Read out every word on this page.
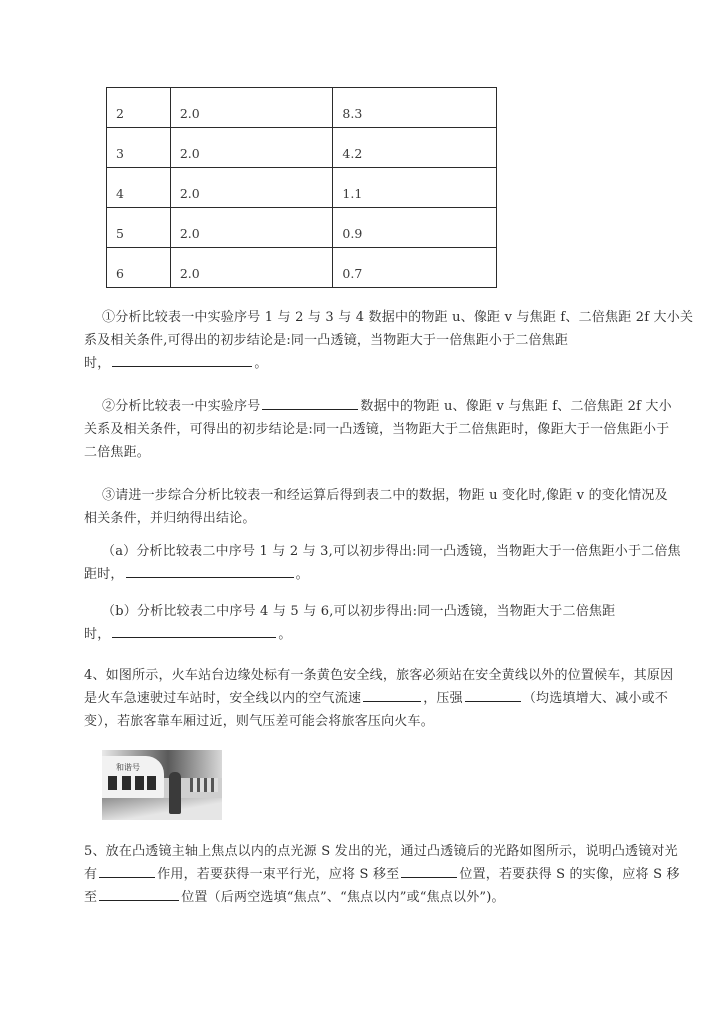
2	2.0	8.3
3	2.0	4.2
4	2.0	1.1
5	2.0	0.9
6	2.0	0.7
①分析比较表一中实验序号 1 与 2 与 3 与 4 数据中的物距 u、像距 v 与焦距 f、二倍焦距 2f 大小关
系及相关条件,可得出的初步结论是:同一凸透镜，当物距大于一倍焦距小于二倍焦距
时，	。
②分析比较表一中实验序号	数据中的物距 u、像距 v 与焦距 f、二倍焦距 2f 大小
关系及相关条件，可得出的初步结论是:同一凸透镜，当物距大于二倍焦距时，像距大于一倍焦距小于
二倍焦距。
③请进一步综合分析比较表一和经运算后得到表二中的数据，物距 u 变化时,像距 v 的变化情况及
相关条件，并归纳得出结论。
（a）分析比较表二中序号 1 与 2 与 3,可以初步得出:同一凸透镜，当物距大于一倍焦距小于二倍焦
距时，	。
（b）分析比较表二中序号 4 与 5 与 6,可以初步得出:同一凸透镜，当物距大于二倍焦距
时，	。
4、如图所示，火车站台边缘处标有一条黄色安全线，旅客必须站在安全黄线以外的位置候车，其原因
是火车急速驶过车站时，安全线以内的空气流速	，压强	（均选填增大、减小或不
变），若旅客靠车厢过近，则气压差可能会将旅客压向火车。
和谐号
5、放在凸透镜主轴上焦点以内的点光源 S 发出的光，通过凸透镜后的光路如图所示，说明凸透镜对光
有	作用，若要获得一束平行光，应将 S 移至	位置，若要获得 S 的实像，应将 S 移
至	位置（后两空选填“焦点”、“焦点以内”或“焦点以外”)。
